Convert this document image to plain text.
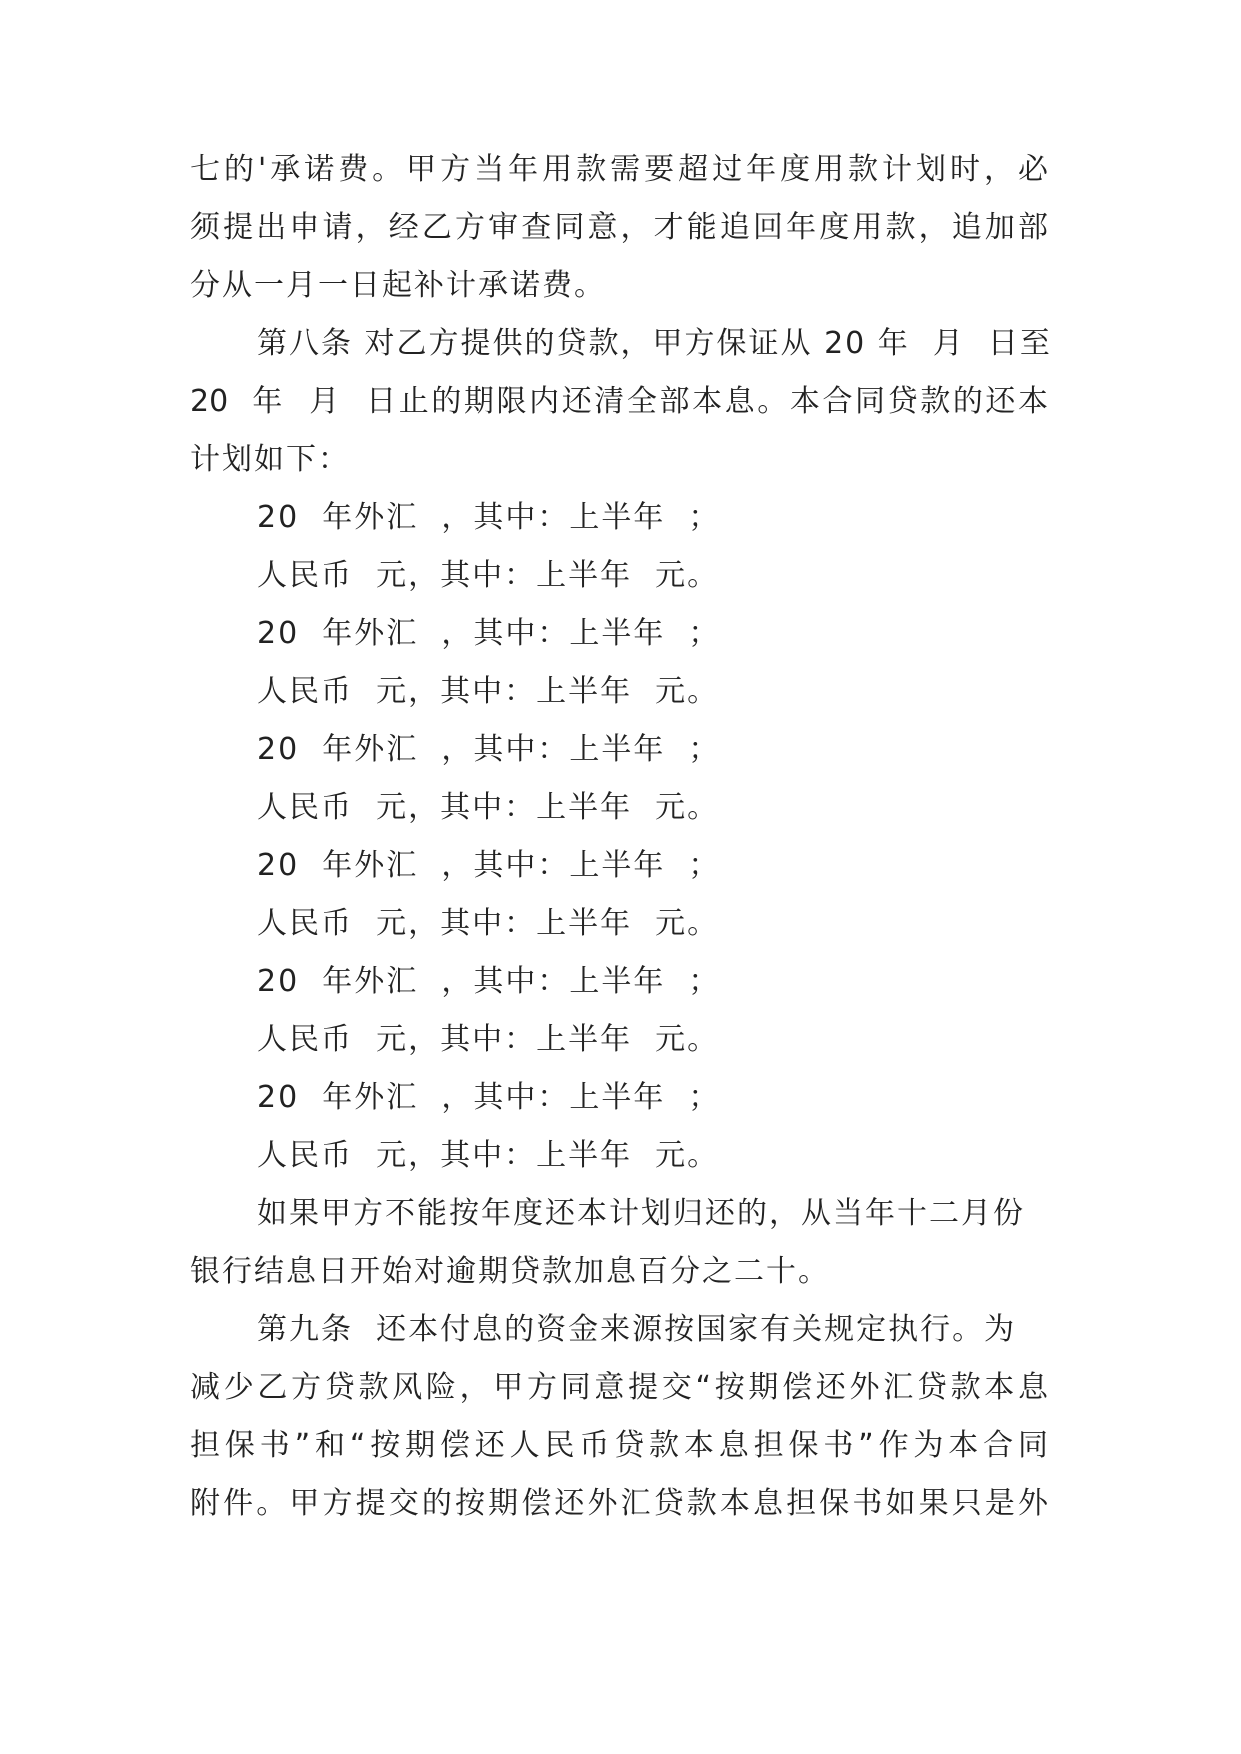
七的'承诺费。甲方当年用款需要超过年度用款计划时，必
须提出申请，经乙方审查同意，才能追回年度用款，追加部
分从一月一日起补计承诺费。
第八条 对乙方提供的贷款，甲方保证从 20 年  月  日至
20  年  月  日止的期限内还清全部本息。本合同贷款的还本
计划如下：
20  年外汇  ，其中：上半年  ；
人民币  元，其中：上半年  元。
20  年外汇  ，其中：上半年  ；
人民币  元，其中：上半年  元。
20  年外汇  ，其中：上半年  ；
人民币  元，其中：上半年  元。
20  年外汇  ，其中：上半年  ；
人民币  元，其中：上半年  元。
20  年外汇  ，其中：上半年  ；
人民币  元，其中：上半年  元。
20  年外汇  ，其中：上半年  ；
人民币  元，其中：上半年  元。
如果甲方不能按年度还本计划归还的，从当年十二月份
银行结息日开始对逾期贷款加息百分之二十。
第九条  还本付息的资金来源按国家有关规定执行。为
减少乙方贷款风险，甲方同意提交“按期偿还外汇贷款本息
担保书”和“按期偿还人民币贷款本息担保书”作为本合同
附件。甲方提交的按期偿还外汇贷款本息担保书如果只是外
